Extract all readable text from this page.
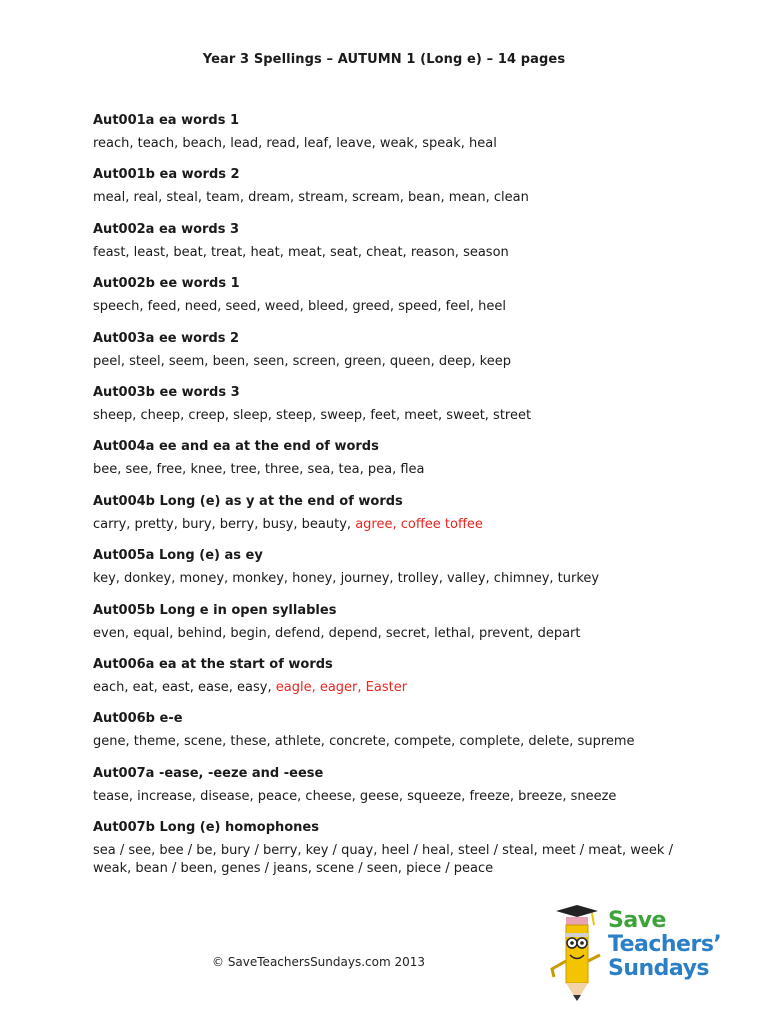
Year 3 Spellings – AUTUMN 1 (Long e) – 14 pages
Aut001a ea words 1
reach, teach, beach, lead, read, leaf, leave, weak, speak, heal
Aut001b ea words 2
meal, real, steal, team, dream, stream, scream, bean, mean, clean
Aut002a ea words 3
feast, least, beat, treat, heat, meat, seat, cheat, reason, season
Aut002b ee words 1
speech, feed, need, seed, weed, bleed, greed, speed, feel, heel
Aut003a ee words 2
peel, steel, seem, been, seen, screen, green, queen, deep, keep
Aut003b ee words 3
sheep, cheep, creep, sleep, steep, sweep, feet, meet, sweet, street
Aut004a ee and ea at the end of words
bee, see, free, knee, tree, three, sea, tea, pea, flea
Aut004b Long (e) as y at the end of words
carry, pretty, bury, berry, busy, beauty, agree, coffee toffee
Aut005a Long (e) as ey
key, donkey, money, monkey, honey, journey, trolley, valley, chimney, turkey
Aut005b Long e in open syllables
even, equal, behind, begin, defend, depend, secret, lethal, prevent, depart
Aut006a ea at the start of words
each, eat, east, ease, easy, eagle, eager, Easter
Aut006b e-e
gene, theme, scene, these, athlete, concrete, compete, complete, delete, supreme
Aut007a -ease, -eeze and -eese
tease, increase, disease, peace, cheese, geese, squeeze, freeze, breeze, sneeze
Aut007b Long (e) homophones
sea / see, bee / be, bury / berry, key / quay, heel / heal, steel / steal, meet / meat, week / weak, bean / been, genes / jeans, scene / seen, piece / peace
© SaveTeachersSundays.com 2013
Save
Teachers’
Sundays
